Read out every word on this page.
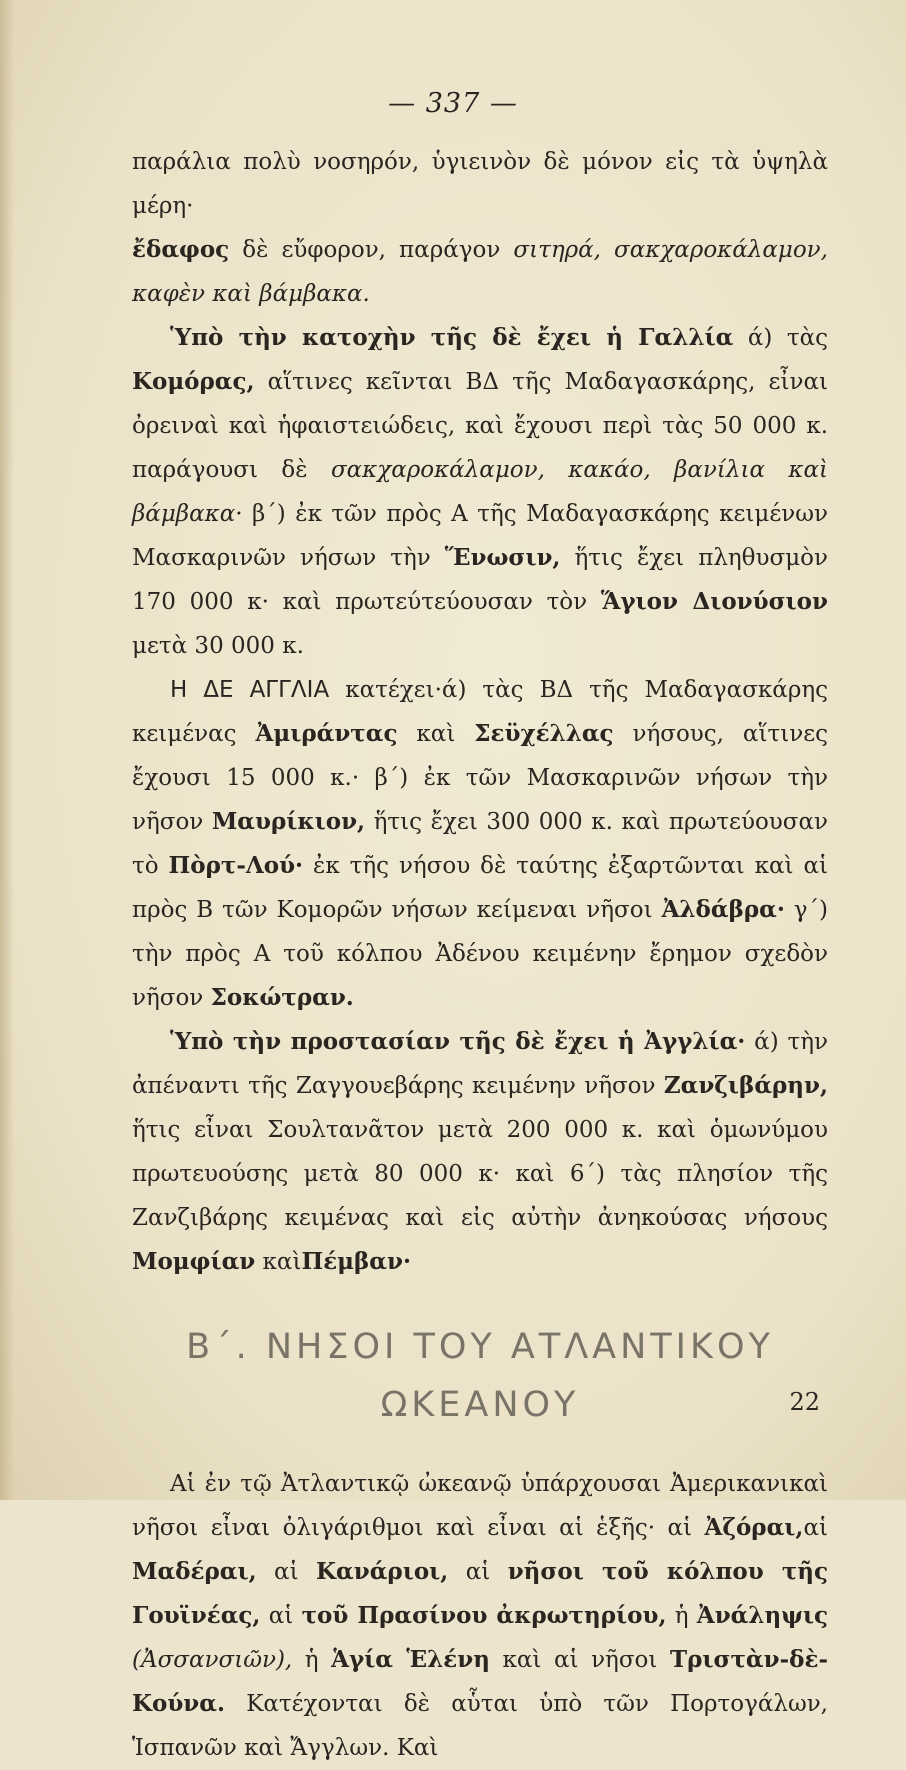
— 337 —

παράλια πολὺ νοσηρόν, ὑγιεινὸν δὲ μόνον εἰς τὰ ὑψηλὰ μέρη·
ἔδαφος δὲ εὔφορον, παράγον σιτηρά, σακχαροκάλαμον, καφὲν καὶ βάμβακα.

Ὑπὸ τὴν κατοχὴν τῆς δὲ ἔχει ἡ Γαλλία ά) τὰς Κομόρας, αἵτινες κεῖνται ΒΔ τῆς Μαδαγασκάρης, εἶναι ὀρειναὶ καὶ ἡφαιστειώδεις, καὶ ἔχουσι περὶ τὰς 50 000 κ. παράγουσι δὲ σακχαροκάλαμον, κακάο, βανίλια καὶ βάμβακα· β΄) ἐκ τῶν πρὸς Α τῆς Μαδαγασκάρης κειμένων Μασκαρινῶν νήσων τὴν Ἕνωσιν, ἥτις ἔχει πληθυσμὸν 170 000 κ· καὶ πρωτεύτεύουσαν τὸν Ἅγιον Διονύσιον μετὰ 30 000 κ.

Η ΔΕ ΑΓΓΛΙΑ κατέχει·ά) τὰς ΒΔ τῆς Μαδαγασκάρης κειμένας Ἀμιράντας καὶ Σεϋχέλλας νήσους, αἵτινες ἔχουσι 15 000 κ.· β΄) ἐκ τῶν Μασκαρινῶν νήσων τὴν νῆσον Μαυρίκιον, ἥτις ἔχει 300 000 κ. καὶ πρωτεύουσαν τὸ Πὸρτ-Λού· ἐκ τῆς νήσου δὲ ταύτης ἐξαρτῶνται καὶ αἱ πρὸς Β τῶν Κομορῶν νήσων κείμεναι νῆσοι Ἀλδάβρα· γ΄) τὴν πρὸς Α τοῦ κόλπου Ἀδένου κειμένην ἔρημον σχεδὸν νῆσον Σοκώτραν.

Ὑπὸ τὴν προστασίαν τῆς δὲ ἔχει ἡ Ἀγγλία· ά) τὴν ἀπέναντι τῆς Ζαγγουεβάρης κειμένην νῆσον Ζανζιβάρην, ἥτις εἶναι Σουλτανᾶτον μετὰ 200 000 κ. καὶ ὁμωνύμου πρωτευούσης μετὰ 80 000 κ· καὶ 6΄) τὰς πλησίον τῆς Ζανζιβάρης κειμένας καὶ εἰς αὐτὴν ἀνηκούσας νήσους Μομφίαν καὶΠέμβαν·

Β΄. ΝΗΣΟΙ ΤΟΥ ΑΤΛΑΝΤΙΚΟΥ
ΩΚΕΑΝΟΥ

Αἱ ἐν τῷ Ἀτλαντικῷ ὠκεανῷ ὑπάρχουσαι Ἀμερικανικαὶ νῆσοι εἶναι ὀλιγάριθμοι καὶ εἶναι αἱ ἑξῆς· αἱ Ἀζόραι,αἱ Μαδέραι, αἱ Κανάριοι, αἱ νῆσοι τοῦ κόλπου τῆς Γουϊνέας, αἱ τοῦ Πρασίνου ἀκρωτηρίου, ἡ Ἀνάληψις (Ἀσσανσιῶν), ἡ Ἁγία Ἑλένη καὶ αἱ νῆσοι Τριστὰν-δὲ-Κούνα. Κατέχονται δὲ αὗται ὑπὸ τῶν Πορτογάλων, Ἱσπανῶν καὶ Ἄγγλων. Καὶ

22
